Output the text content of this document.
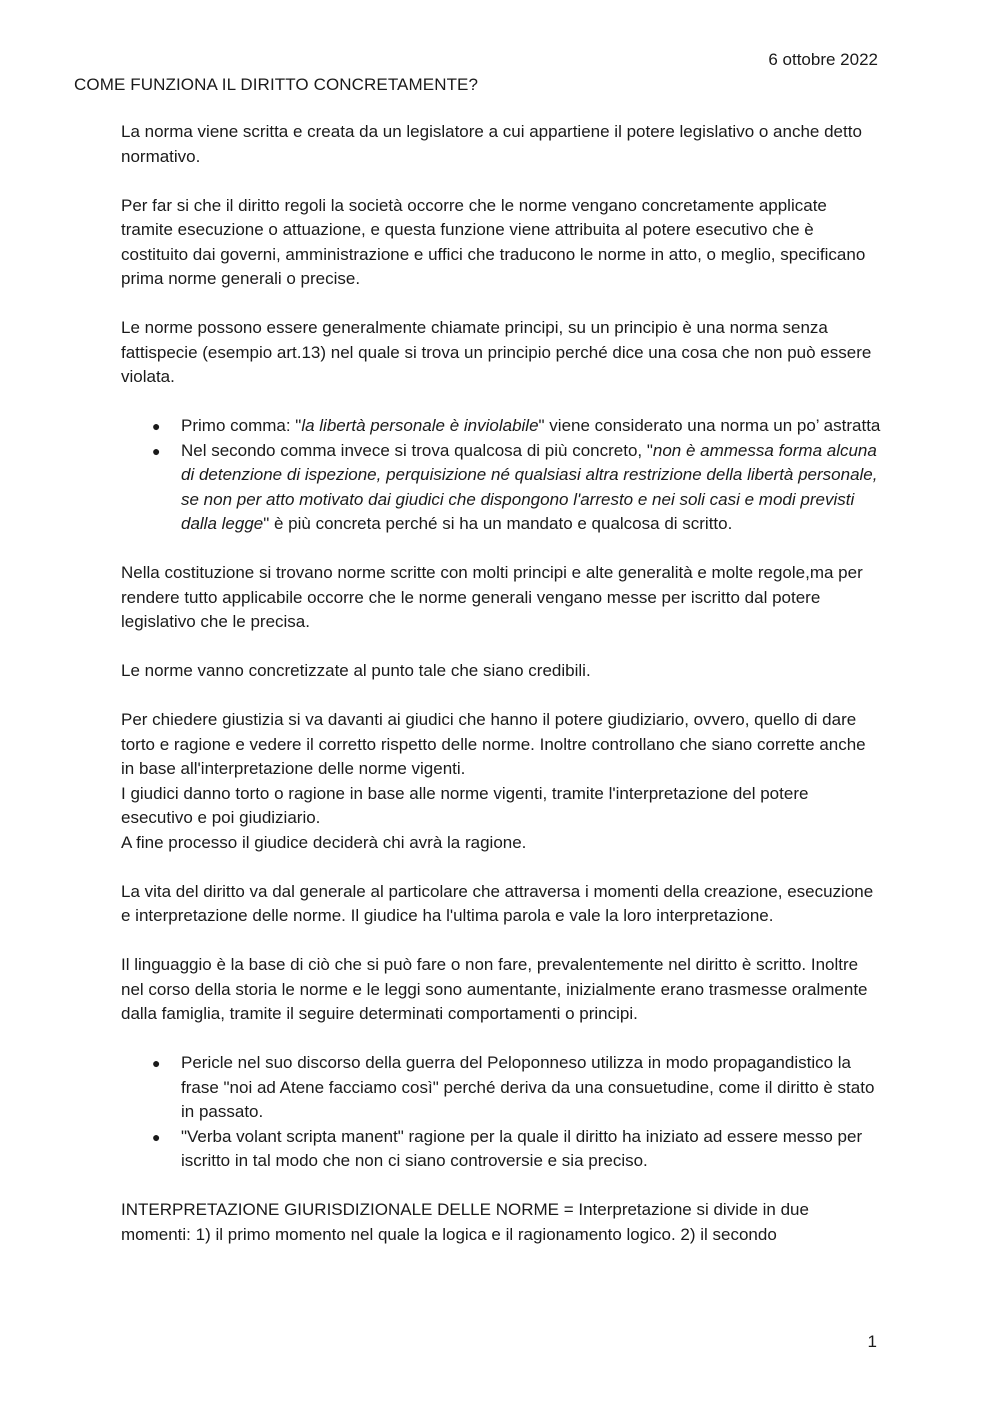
6 ottobre 2022
COME FUNZIONA IL DIRITTO CONCRETAMENTE?

La norma viene scritta e creata da un legislatore a cui appartiene il potere legislativo o anche detto normativo.

Per far si che il diritto regoli la società occorre che le norme vengano concretamente applicate tramite esecuzione o attuazione, e questa funzione viene attribuita al potere esecutivo che è costituito dai governi, amministrazione e uffici che traducono le norme in atto, o meglio, specificano prima norme generali o precise.

Le norme possono essere generalmente chiamate principi, su un principio è una norma senza fattispecie (esempio art.13) nel quale si trova un principio perché dice una cosa che non può essere violata.

● Primo comma: "la libertà personale è inviolabile" viene considerato una norma un po’ astratta
● Nel secondo comma invece si trova qualcosa di più concreto, "non è ammessa forma alcuna di detenzione di ispezione, perquisizione né qualsiasi altra restrizione della libertà personale, se non per atto motivato dai giudici che dispongono l'arresto e nei soli casi e modi previsti dalla legge" è più concreta perché si ha un mandato e qualcosa di scritto.

Nella costituzione si trovano norme scritte con molti principi e alte generalità e molte regole,ma per rendere tutto applicabile occorre che le norme generali vengano messe per iscritto dal potere legislativo che le precisa.

Le norme vanno concretizzate al punto tale che siano credibili.

Per chiedere giustizia si va davanti ai giudici che hanno il potere giudiziario, ovvero, quello di dare torto e ragione e vedere il corretto rispetto delle norme. Inoltre controllano che siano corrette anche in base all'interpretazione delle norme vigenti.

I giudici danno torto o ragione in base alle norme vigenti, tramite l'interpretazione del potere esecutivo e poi giudiziario.

A fine processo il giudice deciderà chi avrà la ragione.

La vita del diritto va dal generale al particolare che attraversa i momenti della creazione, esecuzione e interpretazione delle norme. Il giudice ha l'ultima parola e vale la loro interpretazione.

Il linguaggio è la base di ciò che si può fare o non fare, prevalentemente nel diritto è scritto. Inoltre nel corso della storia le norme e le leggi sono aumentante, inizialmente erano trasmesse oralmente dalla famiglia, tramite il seguire determinati comportamenti o principi.

● Pericle nel suo discorso della guerra del Peloponneso utilizza in modo propagandistico la frase "noi ad Atene facciamo così" perché deriva da una consuetudine, come il diritto è stato in passato.
● "Verba volant scripta manent" ragione per la quale il diritto ha iniziato ad essere messo per iscritto in tal modo che non ci siano controversie e sia preciso.

INTERPRETAZIONE GIURISDIZIONALE DELLE NORME = Interpretazione si divide in due momenti: 1) il primo momento nel quale la logica e il ragionamento logico. 2) il secondo

1
